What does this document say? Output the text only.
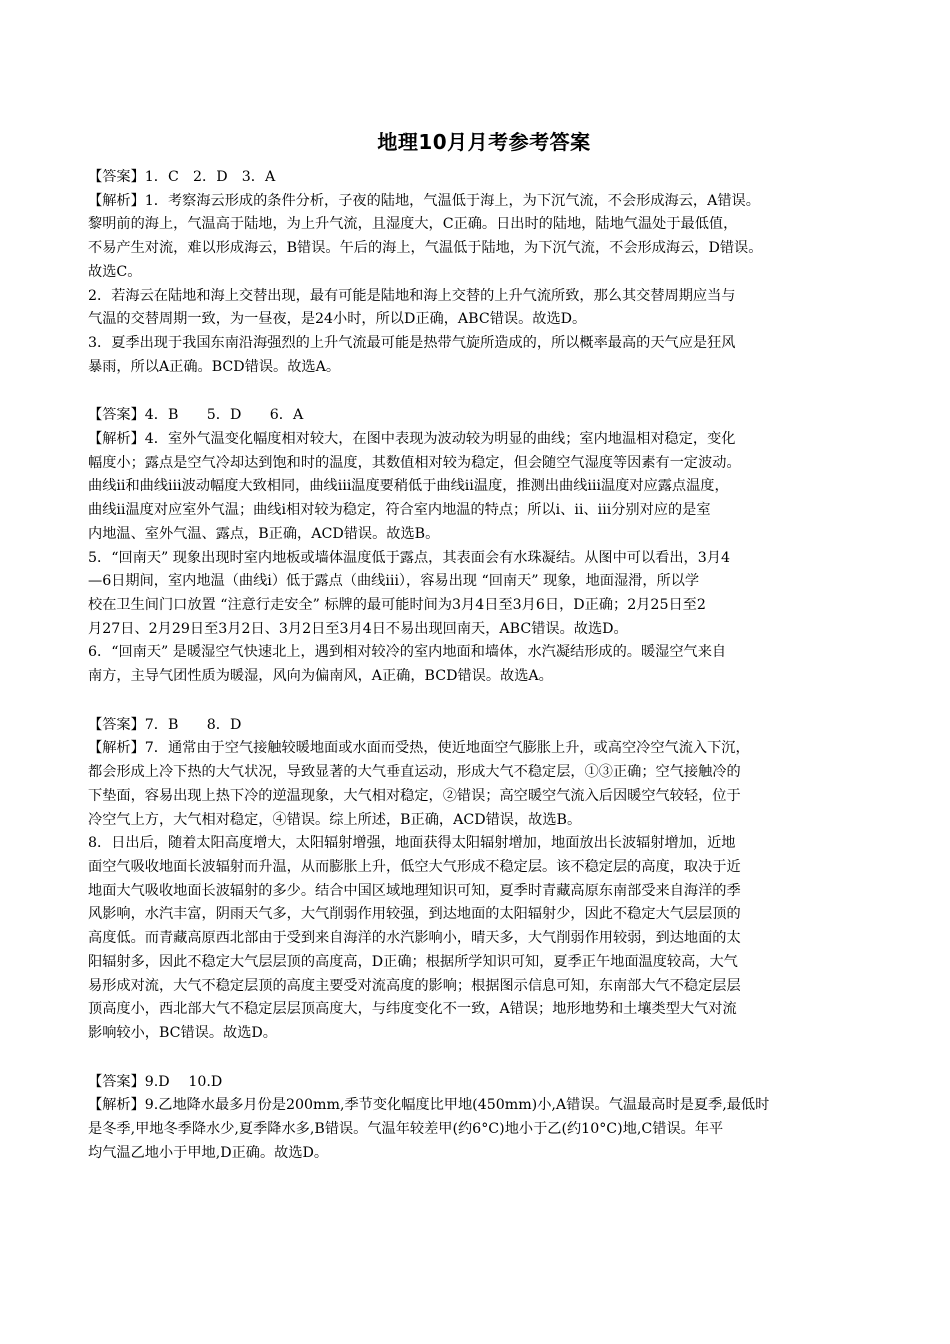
地理10月月考参考答案

【答案】1．C　2．D　3．A

【解析】1．考察海云形成的条件分析，子夜的陆地，气温低于海上，为下沉气流，不会形成海云，A错误。

黎明前的海上，气温高于陆地，为上升气流，且湿度大，C正确。日出时的陆地，陆地气温处于最低值，

不易产生对流，难以形成海云，B错误。午后的海上，气温低于陆地，为下沉气流，不会形成海云，D错误。

故选C。

2．若海云在陆地和海上交替出现，最有可能是陆地和海上交替的上升气流所致，那么其交替周期应当与

气温的交替周期一致，为一昼夜，是24小时，所以D正确，ABC错误。故选D。

3．夏季出现于我国东南沿海强烈的上升气流最可能是热带气旋所造成的，所以概率最高的天气应是狂风

暴雨，所以A正确。BCD错误。故选A。

【答案】4．B　　5．D　　6．A

【解析】4．室外气温变化幅度相对较大，在图中表现为波动较为明显的曲线；室内地温相对稳定，变化

幅度小；露点是空气冷却达到饱和时的温度，其数值相对较为稳定，但会随空气湿度等因素有一定波动。

曲线ⅱ和曲线ⅲ波动幅度大致相同，曲线ⅲ温度要稍低于曲线ⅱ温度，推测出曲线ⅲ温度对应露点温度，

曲线ⅱ温度对应室外气温；曲线ⅰ相对较为稳定，符合室内地温的特点；所以ⅰ、ⅱ、ⅲ分别对应的是室

内地温、室外气温、露点，B正确，ACD错误。故选B。

5．“回南天” 现象出现时室内地板或墙体温度低于露点，其表面会有水珠凝结。从图中可以看出，3月4

—6日期间，室内地温（曲线ⅰ）低于露点（曲线ⅲ），容易出现 “回南天” 现象，地面湿滑，所以学

校在卫生间门口放置 “注意行走安全” 标牌的最可能时间为3月4日至3月6日，D正确；2月25日至2

月27日、2月29日至3月2日、3月2日至3月4日不易出现回南天，ABC错误。故选D。

6．“回南天” 是暖湿空气快速北上，遇到相对较冷的室内地面和墙体，水汽凝结形成的。暖湿空气来自

南方，主导气团性质为暖湿，风向为偏南风，A正确，BCD错误。故选A。

【答案】7．B　　8．D

【解析】7．通常由于空气接触较暖地面或水面而受热，使近地面空气膨胀上升，或高空冷空气流入下沉，

都会形成上冷下热的大气状况，导致显著的大气垂直运动，形成大气不稳定层，①③正确；空气接触冷的

下垫面，容易出现上热下冷的逆温现象，大气相对稳定，②错误；高空暖空气流入后因暖空气较轻，位于

冷空气上方，大气相对稳定，④错误。综上所述，B正确，ACD错误，故选B。

8．日出后，随着太阳高度增大，太阳辐射增强，地面获得太阳辐射增加，地面放出长波辐射增加，近地

面空气吸收地面长波辐射而升温，从而膨胀上升，低空大气形成不稳定层。该不稳定层的高度，取决于近

地面大气吸收地面长波辐射的多少。结合中国区域地理知识可知，夏季时青藏高原东南部受来自海洋的季

风影响，水汽丰富，阴雨天气多，大气削弱作用较强，到达地面的太阳辐射少，因此不稳定大气层层顶的

高度低。而青藏高原西北部由于受到来自海洋的水汽影响小，晴天多，大气削弱作用较弱，到达地面的太

阳辐射多，因此不稳定大气层层顶的高度高，D正确；根据所学知识可知，夏季正午地面温度较高，大气

易形成对流，大气不稳定层顶的高度主要受对流高度的影响；根据图示信息可知，东南部大气不稳定层层

顶高度小，西北部大气不稳定层层顶高度大，与纬度变化不一致，A错误；地形地势和土壤类型大气对流

影响较小，BC错误。故选D。

【答案】9.D　 10.D

【解析】9.乙地降水最多月份是200mm,季节变化幅度比甲地(450mm)小,A错误。气温最高时是夏季,最低时

是冬季,甲地冬季降水少,夏季降水多,B错误。气温年较差甲(约6°C)地小于乙(约10°C)地,C错误。年平

均气温乙地小于甲地,D正确。故选D。
